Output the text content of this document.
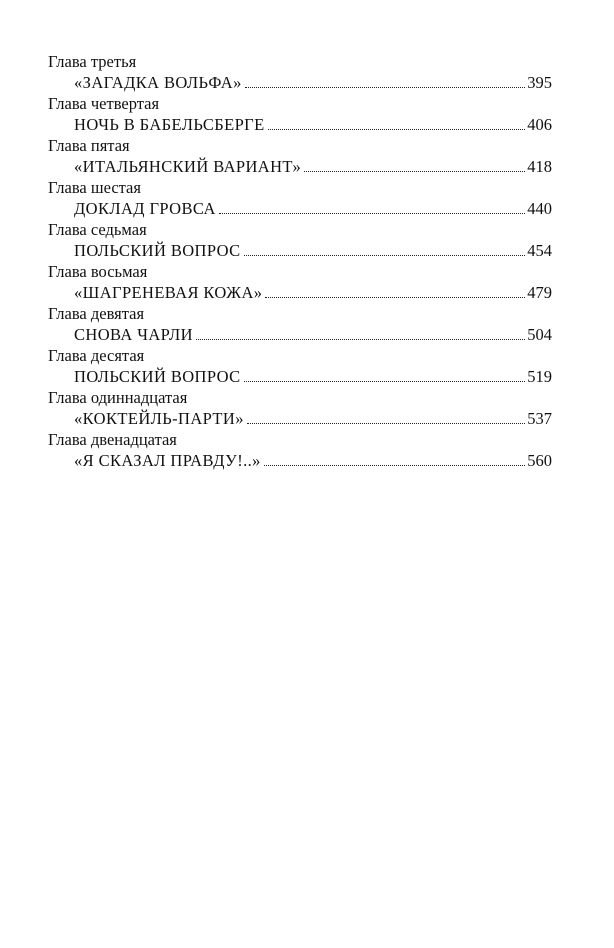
Глава третья
«ЗАГАДКА ВОЛЬФА»	395
Глава четвертая
НОЧЬ В БАБЕЛЬСБЕРГЕ	406
Глава пятая
«ИТАЛЬЯНСКИЙ ВАРИАНТ»	418
Глава шестая
ДОКЛАД ГРОВСА	440
Глава седьмая
ПОЛЬСКИЙ ВОПРОС	454
Глава восьмая
«ШАГРЕНЕВАЯ КОЖА»	479
Глава девятая
СНОВА ЧАРЛИ	504
Глава десятая
ПОЛЬСКИЙ ВОПРОС	519
Глава одиннадцатая
«КОКТЕЙЛЬ-ПАРТИ»	537
Глава двенадцатая
«Я СКАЗАЛ ПРАВДУ!..»	560
